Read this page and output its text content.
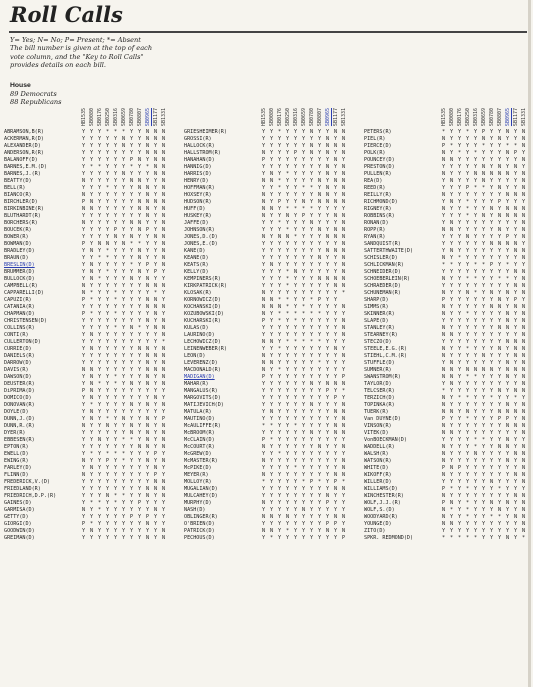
Roll Calls
Y= Yes; N= No; P= Present; *= Absent
The bill number is given at the top of each
vote column, and the "Key to Roll Calls"
provides details on each bill.
House
89 Democrats
88 Republicans
HB1535 SB0080 SB0176 SB0250 SB0316 SB0659 SB0780 SB0807 SB0965 SB1177 SB1331
ABRAMSON,B(R)	Y Y Y * * * Y Y N N N
ACKERMAN,R(D)	Y Y Y Y Y N Y Y N N N
ALEXANDER(D)	Y Y Y Y Y N Y Y N Y N
ANDERSON,R(R)	Y Y Y Y Y Y Y Y N N N
BALANOFF(D)	Y Y Y Y Y Y P N Y N N
BARNES,E.M.(D)	Y * * Y Y Y * Y * N N
BARNES,J.(R)	Y Y Y Y Y N Y Y Y N N
BEATTY(D)	N Y Y Y Y Y N N Y Y N
BELL(R)	Y Y Y * Y Y Y N N Y N
BIANCO(R)	N Y Y Y Y Y Y Y N Y N
BIRCHLER(D)	P N Y Y Y Y Y N N N N
BIRKINBINE(R)	N N Y Y Y Y Y N N Y N
BLUTHARDT(R)	Y Y Y Y Y Y Y Y N Y N
BORCHERS(R)	N Y Y Y Y Y N N Y Y N
BOUCEK(R)	Y Y Y Y P Y Y N P Y N
BOWER(R)	Y Y Y Y N Y N Y Y N N
BOWMAN(D)	P Y N N Y N * * Y Y N
BRADLEY(D)	Y N Y * Y Y Y N Y Y N
BRAUN(D)	Y Y * * Y Y Y N Y Y N
BRESLIN(D)	Y N Y Y Y Y * Y P Y N
BRUMMER(D)	Y N Y * Y Y Y N Y P Y
BULLOCK(D)	Y N * Y Y Y N Y N Y Y
CAMPBELL(R)	N Y Y Y Y Y Y Y N N N
CAPPARELLI(D)	N * Y Y * Y Y Y Y * Y
CAPUZI(R)	P * Y Y * Y Y Y N N Y
CATANIA(R)	Y Y Y Y Y Y Y Y N N N
CHAPMAN(D)	P * Y Y * Y Y Y Y N Y
CHRISTENSEN(D)	Y Y Y Y Y Y Y Y N Y N
COLLINS(R)	Y Y Y Y * Y N * Y N N
CONTI(R)	Y N Y Y Y Y Y Y Y Y N
CULLERTON(D)	Y Y Y Y Y Y Y Y Y Y *
CURRIE(D)	Y N Y Y Y Y Y N N Y N
DANIELS(R)	Y Y Y Y Y Y Y Y N N N
DARROW(D)	Y Y Y Y Y Y Y Y N Y N
DAVIS(R)	N N Y Y Y Y Y Y N N N
DAWSON(D)	Y N Y Y * Y Y Y N Y N
DEUSTER(R)	Y N * Y * Y N Y N Y N
DiPRIMA(D)	P N Y Y Y Y Y Y Y Y Y
DOMICO(D)	Y N Y Y Y Y Y Y Y N Y
DONOVAN(R)	Y * Y Y Y Y N Y N Y N
DOYLE(D)	Y N Y Y Y Y Y Y Y Y Y
DUNN,J.(D)	Y N Y * Y N Y Y N Y P
DUNN,R.(R)	N Y Y N Y Y N Y N Y N
DYER(R)	Y Y Y Y Y Y N Y N Y N
EBBESEN(R)	Y Y N Y Y * * Y N Y N
EPTON(R)	Y Y Y Y Y Y Y N N Y N
EWELL(D)	Y * Y * * * Y Y Y P Y
EWING(R)	N Y Y P Y * Y Y N Y N
FARLEY(D)	Y N Y Y Y Y Y Y Y N Y
FLINN(D)	N Y Y Y Y Y Y Y Y P Y
FREDERICK,V.(D)	Y Y Y Y Y Y Y Y Y N N
FRIEDLAND(R)	Y Y Y Y Y Y Y Y N N N
FRIEDRICH,D.P.(R)	Y Y Y N * * Y Y N Y N
GAINES(D)	Y * * Y * Y Y P Y Y Y
GARMISA(D)	N Y * Y Y Y Y Y Y N Y
GETTY(D)	Y Y Y Y Y Y P Y P Y Y
GIORGI(D)	P * Y Y Y Y Y Y N Y Y
GOODWIN(D)	Y N Y Y Y Y Y Y Y Y N
GREIMAN(D)	Y Y Y Y Y Y Y Y N Y N
HB1535 SB0080 SB0176 SB0250 SB0316 SB0659 SB0780 SB0807 SB0965 SB1177 SB1331
GRIESHEIMER(R)	Y Y * Y Y Y N Y Y N N
GROSSI(R)	Y Y Y Y Y Y Y Y N Y N
HALLOCK(R)	Y Y Y Y Y Y N Y N N N
HALLSTROM(R)	N Y Y Y P Y N Y N Y N
HANAHAN(D)	P Y Y Y Y Y Y Y Y N Y
HANNIG(D)	Y Y Y Y Y Y Y Y N Y N
HARRIS(D)	Y N Y * Y Y Y Y N Y N
HENRY(D)	N N * Y Y Y Y N Y N N
HOFFMAN(R)	Y Y * Y Y * * Y N Y N
HOXSEY(R)	N Y Y Y Y Y Y N N Y N
HUDSON(R)	N Y P Y Y N Y N N N N
HUFF(D)	N N Y * * * * Y Y Y Y
HUSKEY(R)	N Y Y N Y P Y Y Y N N
JAFFE(D)	Y Y * Y Y Y N Y Y Y N
JOHNSON(R)	Y Y Y * Y Y Y N Y N N
JONES,D.(D)	N Y N N * Y Y Y N N N
JONES,E.(D)	Y Y Y Y Y Y Y Y Y Y N
KANE(D)	Y Y Y Y Y Y Y Y N N N
KEANE(D)	Y Y Y Y Y Y Y N Y Y N
KEATS(R)	Y N Y Y Y Y Y Y Y Y N
KELLY(D)	Y Y Y * N Y Y Y Y Y N
KEMPINERS(R)	Y Y Y * Y Y Y N N N N
KIRKPATRICK(R)	Y Y Y * Y Y Y Y Y N N
KLOSAK(R)	N Y Y Y Y Y Y Y Y Y *
KORNOWICZ(D)	N N * * Y Y * P Y Y
KOCHANSKI(D)	N N N * Y * Y Y Y Y N
KOZUBOWSKI(D)	N Y * * * * * * Y Y Y
KUCHARSKI(R)	P Y * Y * Y Y Y Y Y N
KULAS(D)	Y Y Y Y Y Y Y Y Y Y N
LAURINO(D)	Y Y Y Y Y Y Y Y Y Y N
LECHOWICZ(D)	N N Y * * * * * Y Y Y
LEINENWEBER(R)	Y Y * Y Y Y Y Y Y N Y
LEON(D)	N Y Y Y Y Y Y Y Y Y N
LEVERENZ(D)	N N Y Y Y Y Y * Y Y Y
MACDONALD(R)	N Y * Y Y Y Y Y Y Y Y
MADIGAN(D)	P Y Y Y Y Y Y Y Y Y P
MAHAR(R)	Y Y Y Y Y Y N Y N N N
MANGALUS(R)	Y Y Y Y Y Y Y Y P Y *
MARGOVITS(D)	Y Y Y Y Y Y Y Y Y P Y
MATIJEVICH(D)	Y Y Y Y Y Y N Y Y Y N
MATULA(R)	Y N Y Y Y Y Y Y Y N N
MAUTINO(D)	Y Y Y Y Y Y Y Y Y Y N
McAULIFFE(R)	* * Y Y * Y Y Y Y N N
McBROOM(R)	Y Y Y Y Y Y N Y Y N N
McCLAIN(D)	P * Y Y Y Y Y Y Y Y Y
McCOURT(R)	N Y Y Y Y Y Y N Y Y N
McGREW(D)	Y Y * Y Y Y Y Y Y Y Y
McMASTER(R)	N Y Y Y Y Y Y Y Y Y N
McPIKE(D)	Y Y Y Y * Y Y Y Y Y N
MEYER(R)	N Y Y Y Y Y Y Y Y N N
MOLLOY(R)	* Y Y Y Y * P * Y P *
MUGALIAN(D)	Y Y Y Y Y Y Y Y Y N N
MULCAHEY(D)	Y Y Y Y Y Y Y Y N Y Y
MURPHY(D)	N Y Y Y Y Y Y Y P Y Y
NASH(D)	Y Y Y Y Y N Y Y Y Y Y
OBLINGER(R)	N N Y N Y Y Y Y Y N N
O'BRIEN(D)	Y Y Y Y Y Y Y Y P P Y
PATRICK(D)	N N Y * Y Y Y Y N Y N
PECHOUS(D)	Y * Y Y Y Y Y Y Y Y P
HB1535 SB0080 SB0176 SB0250 SB0316 SB0659 SB0780 SB0807 SB0965 SB1177 SB1331
PETERS(R)	* Y Y * Y P Y Y N Y N
PIEL(R)	N Y Y Y Y N Y N Y Y N
PIERCE(D)	P * Y Y Y * Y Y * * N
POLK(R)	N Y * Y * Y Y Y N P Y
POUNCEY(D)	N N Y Y Y Y Y Y Y Y N
PRESTON(D)	Y Y Y Y Y N Y N Y N Y
PULLEN(R)	N Y Y Y N N N N N Y N
REA(D)	Y N Y Y Y N Y Y Y Y N
REED(R)	Y Y Y P * * Y N Y Y N
REILLY(R)	N Y Y Y Y Y Y Y N N N
RICHMOND(D)	Y N Y * Y Y Y P Y Y Y
RIGNEY(R)	N Y Y * Y Y N Y N N N
ROBBINS(R)	Y Y Y * Y N Y N N N N
RONAN(D)	Y N Y Y Y Y Y Y Y Y N
ROPP(R)	N N Y Y Y Y Y N Y Y N
RYAN(R)	Y Y Y N Y Y Y Y P Y N
SANDQUIST(R)	Y Y Y Y Y Y N N N N Y
SATTERTHWAITE(D)	Y N Y Y Y Y Y Y Y N N
SCHISLER(D)	N Y * Y Y Y Y Y Y Y N
SCHLICKMAN(R)	* * Y Y * * P Y * Y Y
SCHNEIDER(D)	Y Y Y Y Y Y Y Y Y N N
SCHOEBERLEIN(R)	N Y Y * * Y Y * * Y N
SCHRAEDER(D)	Y Y Y Y Y Y Y Y Y N N
SCHUNEMAN(R)	N Y Y N * Y N Y N Y N
SHARP(D)	P Y Y Y Y Y Y N Y P Y
SIMMS(R)	N Y Y Y Y Y N N Y N N
SKINNER(R)	N Y Y * Y Y Y Y N Y N
SLAPE(D)	Y Y Y Y Y Y Y Y N Y N
STANLEY(R)	N Y Y Y Y Y Y N N Y N
STEARNEY(R)	N N Y Y Y Y Y Y Y Y N
STECZO(D)	Y Y Y Y Y Y Y Y N N N
STEELE,E.G.(R)	N Y Y * Y Y Y N Y N N
STIEHL,C.M.(R)	N Y Y Y Y N Y Y Y N N
STUFFLE(D)	Y N Y Y Y Y Y Y N Y N
SUMNER(R)	N N Y N N N N Y N N N
SWANSTROM(R)	N N Y * * Y Y Y N Y N
TAYLOR(D)	Y N Y Y Y Y Y Y Y Y N
TELCSER(R)	* Y Y Y Y Y Y N Y N N
TERZICH(D)	N Y * * Y Y * Y Y * Y
TOPINKA(R)	N Y Y Y Y Y Y Y N Y N
TUERK(R)	N N Y N Y Y Y N N N N
Van DUYNE(D)	P Y Y * Y Y Y P P Y N
VINSON(R)	N Y Y Y Y Y Y Y N N N
VITEK(D)	N N Y Y Y Y Y Y Y Y N
VonBOECKMAN(D)	Y Y Y Y * * Y Y N Y Y
WADDELL(R)	N Y Y Y * Y Y N N Y N
WALSH(R)	N Y Y Y N Y Y Y Y N N
WATSON(R)	N Y Y Y Y Y Y Y N Y N
WHITE(D)	P N P Y Y Y Y Y Y Y N
WIKOFF(R)	N Y Y Y Y Y Y Y Y N N
WILLER(D)	Y Y Y Y Y Y N Y Y Y N
WILLIAMS(D)	P * Y * Y Y Y * Y Y Y
WINCHESTER(R)	N Y Y Y Y Y Y Y Y N N
WOLF,J.J.(R)	P N Y * Y Y N Y N Y N
WOLF,S.(D)	N * Y * Y Y Y N Y Y N
WOODYARD(R)	N Y Y * Y Y * * Y N N
YOUNGE(D)	N N Y Y Y Y Y Y Y Y N
ZITO(D)	Y Y Y Y Y Y Y Y Y Y N
SPKR. REDMOND(D)	* * * * * Y Y Y N Y *
